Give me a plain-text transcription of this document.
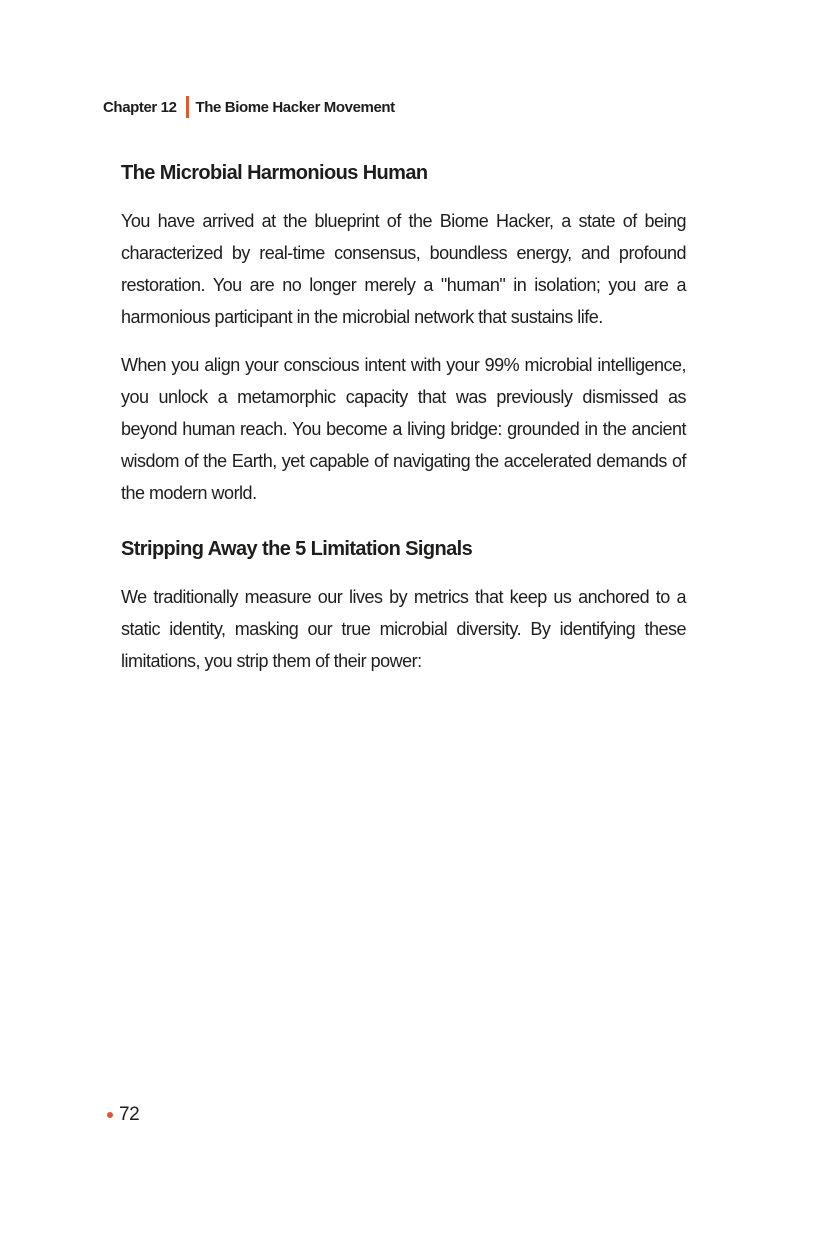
Chapter 12 The Biome Hacker Movement
The Microbial Harmonious Human

You have arrived at the blueprint of the Biome Hacker, a state of being characterized by real-time consensus, boundless energy, and profound restoration. You are no longer merely a "human" in isolation; you are a harmonious participant in the microbial network that sustains life.

When you align your conscious intent with your 99% microbial intelligence, you unlock a metamorphic capacity that was previously dismissed as beyond human reach. You become a living bridge: grounded in the ancient wisdom of the Earth, yet capable of navigating the accelerated demands of the modern world.

Stripping Away the 5 Limitation Signals

We traditionally measure our lives by metrics that keep us anchored to a static identity, masking our true microbial diversity. By identifying these limitations, you strip them of their power:

72
